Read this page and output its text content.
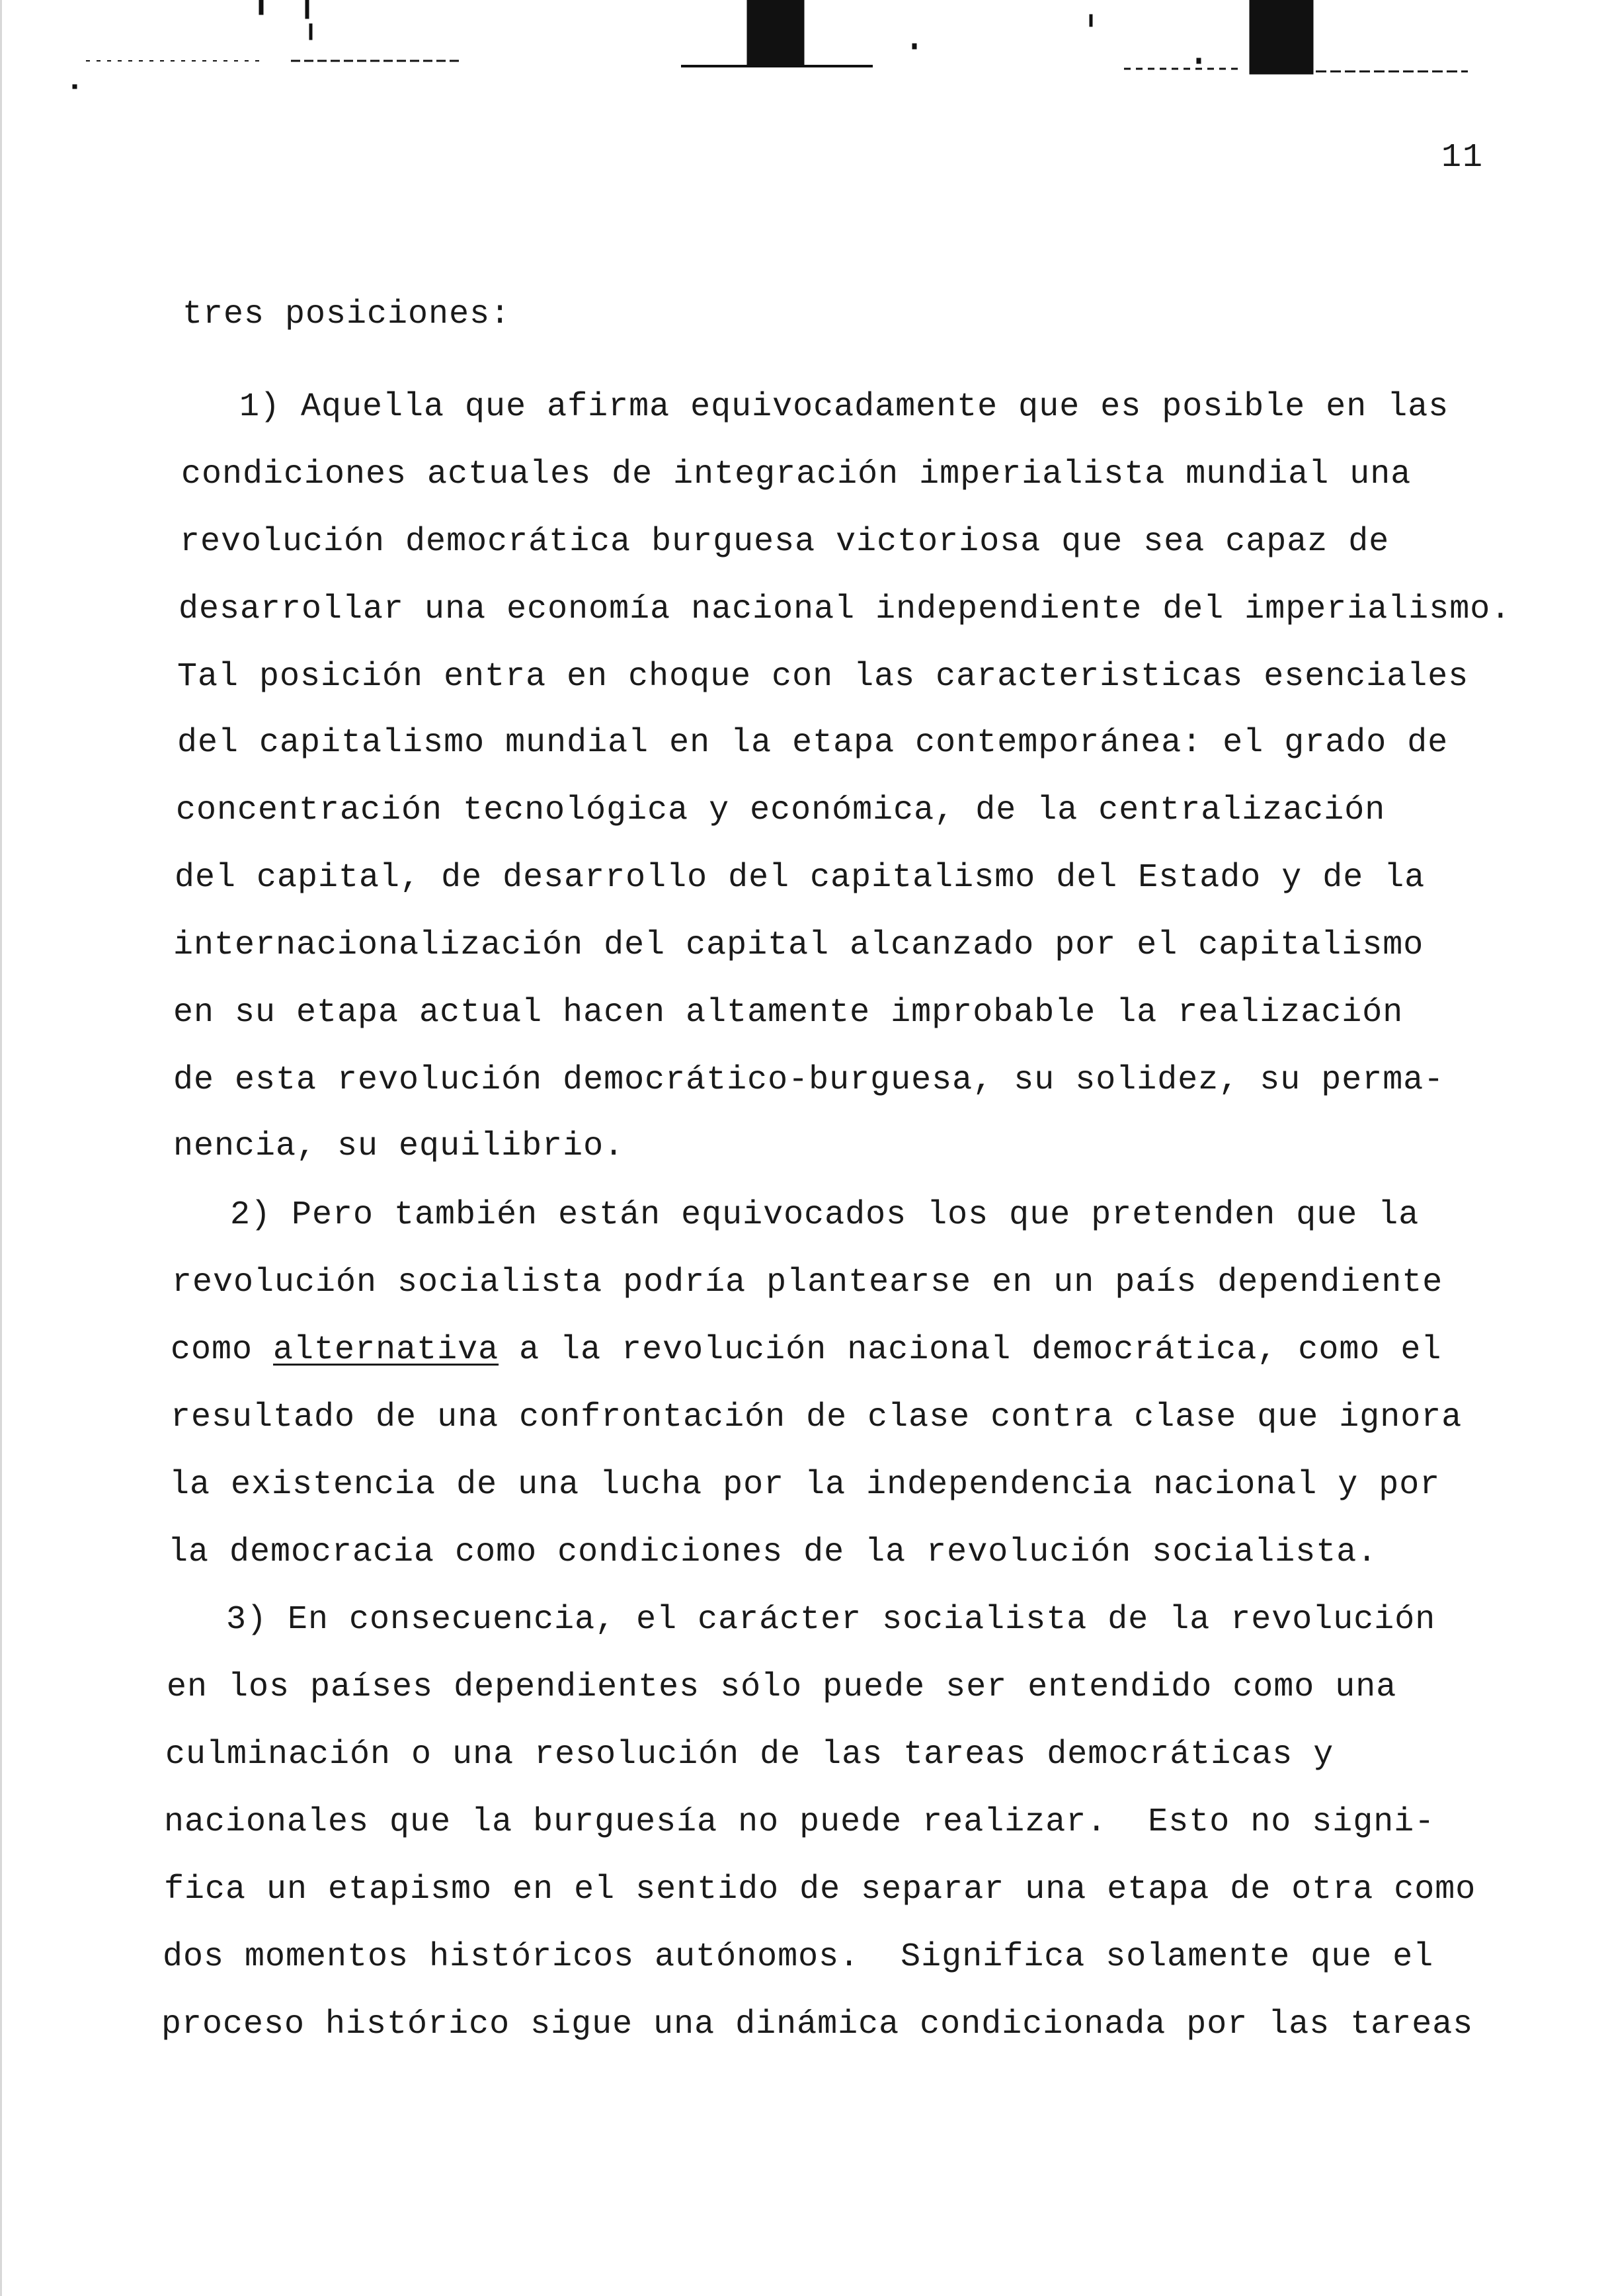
11
tres posiciones:
1) Aquella que afirma equivocadamente que es posible en las
condiciones actuales de integración imperialista mundial una
revolución democrática burguesa victoriosa que sea capaz de
desarrollar una economía nacional independiente del imperialismo.
Tal posición entra en choque con las caracteristicas esenciales
del capitalismo mundial en la etapa contemporánea: el grado de
concentración tecnológica y económica, de la centralización
del capital, de desarrollo del capitalismo del Estado y de la
internacionalización del capital alcanzado por el capitalismo
en su etapa actual hacen altamente improbable la realización
de esta revolución democrático-burguesa, su solidez, su perma-
nencia, su equilibrio.
2) Pero también están equivocados los que pretenden que la
revolución socialista podría plantearse en un país dependiente
como alternativa a la revolución nacional democrática, como el
resultado de una confrontación de clase contra clase que ignora
la existencia de una lucha por la independencia nacional y por
la democracia como condiciones de la revolución socialista.
3) En consecuencia, el carácter socialista de la revolución
en los países dependientes sólo puede ser entendido como una
culminación o una resolución de las tareas democráticas y
nacionales que la burguesía no puede realizar.  Esto no signi-
fica un etapismo en el sentido de separar una etapa de otra como
dos momentos históricos autónomos.  Significa solamente que el
proceso histórico sigue una dinámica condicionada por las tareas
